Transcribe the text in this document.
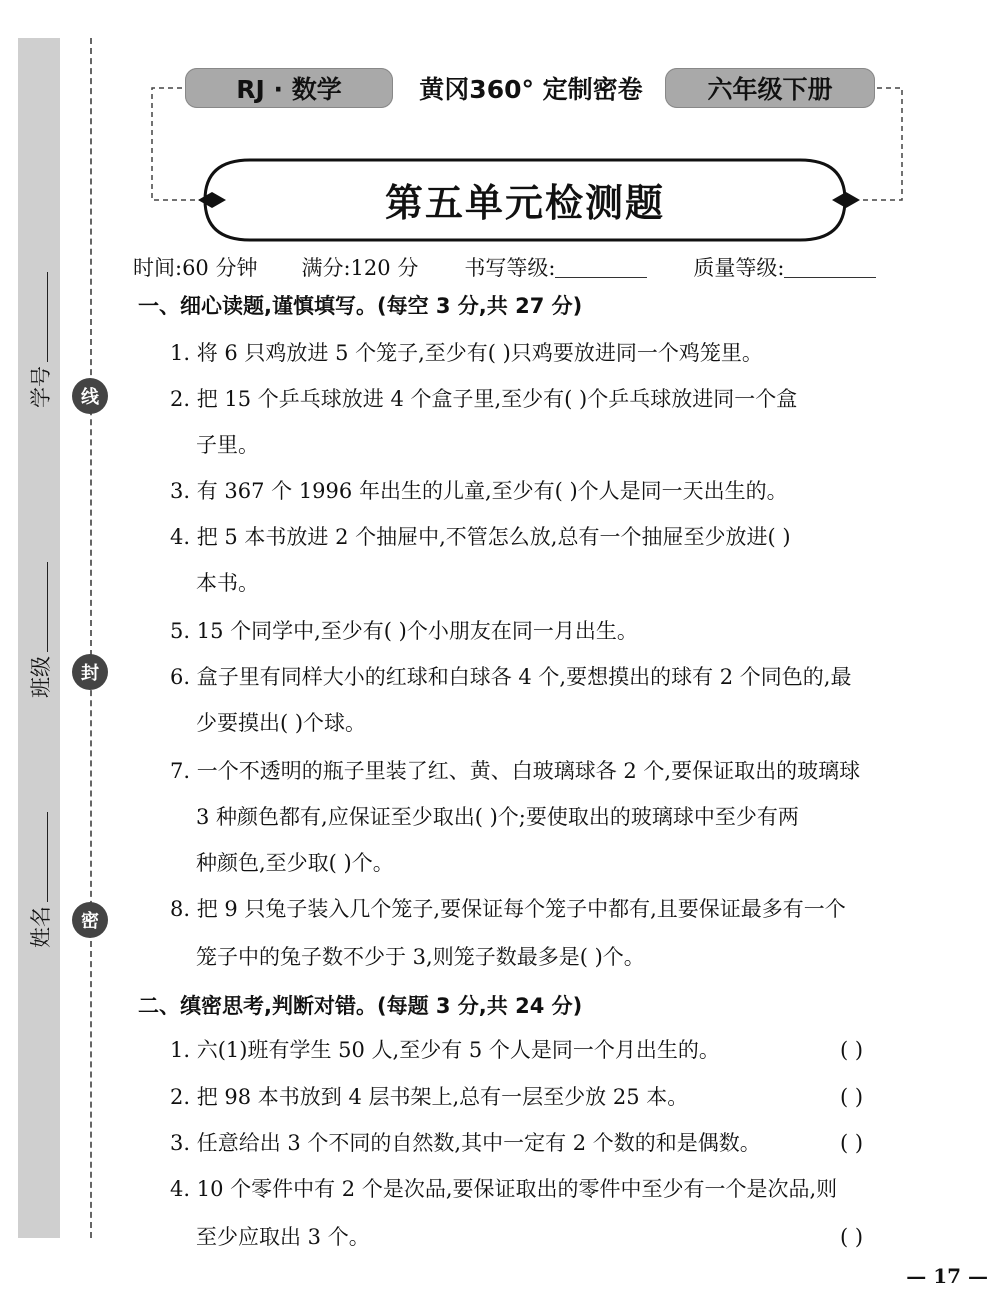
线
封
密
学号
班级
姓名
RJ · 数学	黄冈360° 定制密卷	六年级下册
第五单元检测题
时间:60 分钟 满分:120 分 书写等级:	质量等级:
一、细心读题,谨慎填写。(每空 3 分,共 27 分)
1. 将 6 只鸡放进 5 个笼子,至少有( )只鸡要放进同一个鸡笼里。
2. 把 15 个乒乓球放进 4 个盒子里,至少有( )个乒乓球放进同一个盒
子里。
3. 有 367 个 1996 年出生的儿童,至少有( )个人是同一天出生的。
4. 把 5 本书放进 2 个抽屉中,不管怎么放,总有一个抽屉至少放进( )
本书。
5. 15 个同学中,至少有( )个小朋友在同一月出生。
6. 盒子里有同样大小的红球和白球各 4 个,要想摸出的球有 2 个同色的,最
少要摸出( )个球。
7. 一个不透明的瓶子里装了红、黄、白玻璃球各 2 个,要保证取出的玻璃球
3 种颜色都有,应保证至少取出( )个;要使取出的玻璃球中至少有两
种颜色,至少取( )个。
8. 把 9 只兔子装入几个笼子,要保证每个笼子中都有,且要保证最多有一个
笼子中的兔子数不少于 3,则笼子数最多是( )个。
二、缜密思考,判断对错。(每题 3 分,共 24 分)
1. 六(1)班有学生 50 人,至少有 5 个人是同一个月出生的。	( )
2. 把 98 本书放到 4 层书架上,总有一层至少放 25 本。	( )
3. 任意给出 3 个不同的自然数,其中一定有 2 个数的和是偶数。	( )
4. 10 个零件中有 2 个是次品,要保证取出的零件中至少有一个是次品,则
至少应取出 3 个。	( )
— 17 —
